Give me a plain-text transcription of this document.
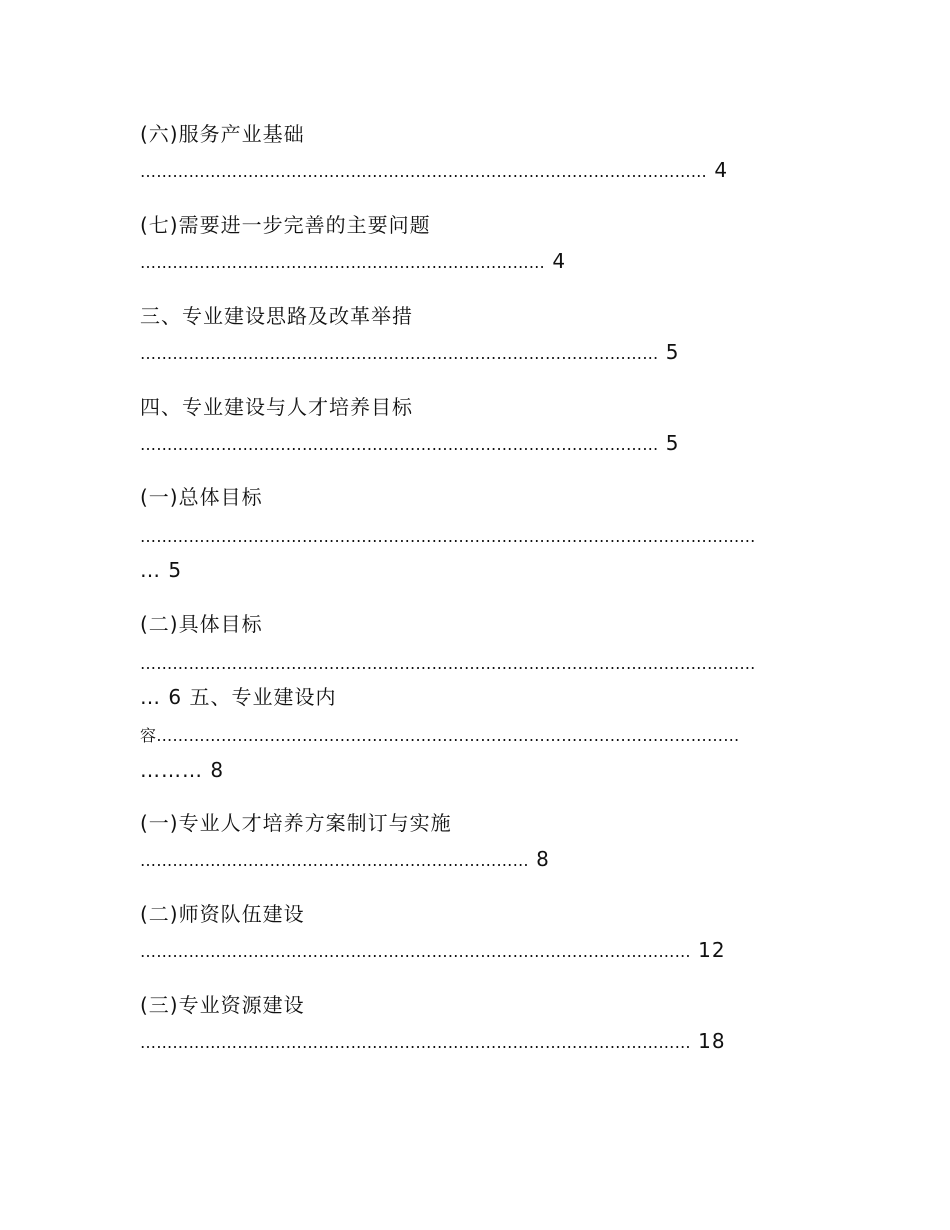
(六)服务产业基础
…………………………………………………………………………………………… 4
(七)需要进一步完善的主要问题
………………………………………………………………… 4
三、专业建设思路及改革举措
…………………………………………………………………………………… 5
四、专业建设与人才培养目标
…………………………………………………………………………………… 5
(一)总体目标
……………………………………………………………………………………………………
… 5
(二)具体目标
……………………………………………………………………………………………………
… 6 五、专业建设内
容………………………………………………………………………………………………
……… 8
(一)专业人才培养方案制订与实施
……………………………………………………………… 8
(二)师资队伍建设
………………………………………………………………………………………… 12
(三)专业资源建设
………………………………………………………………………………………… 18
